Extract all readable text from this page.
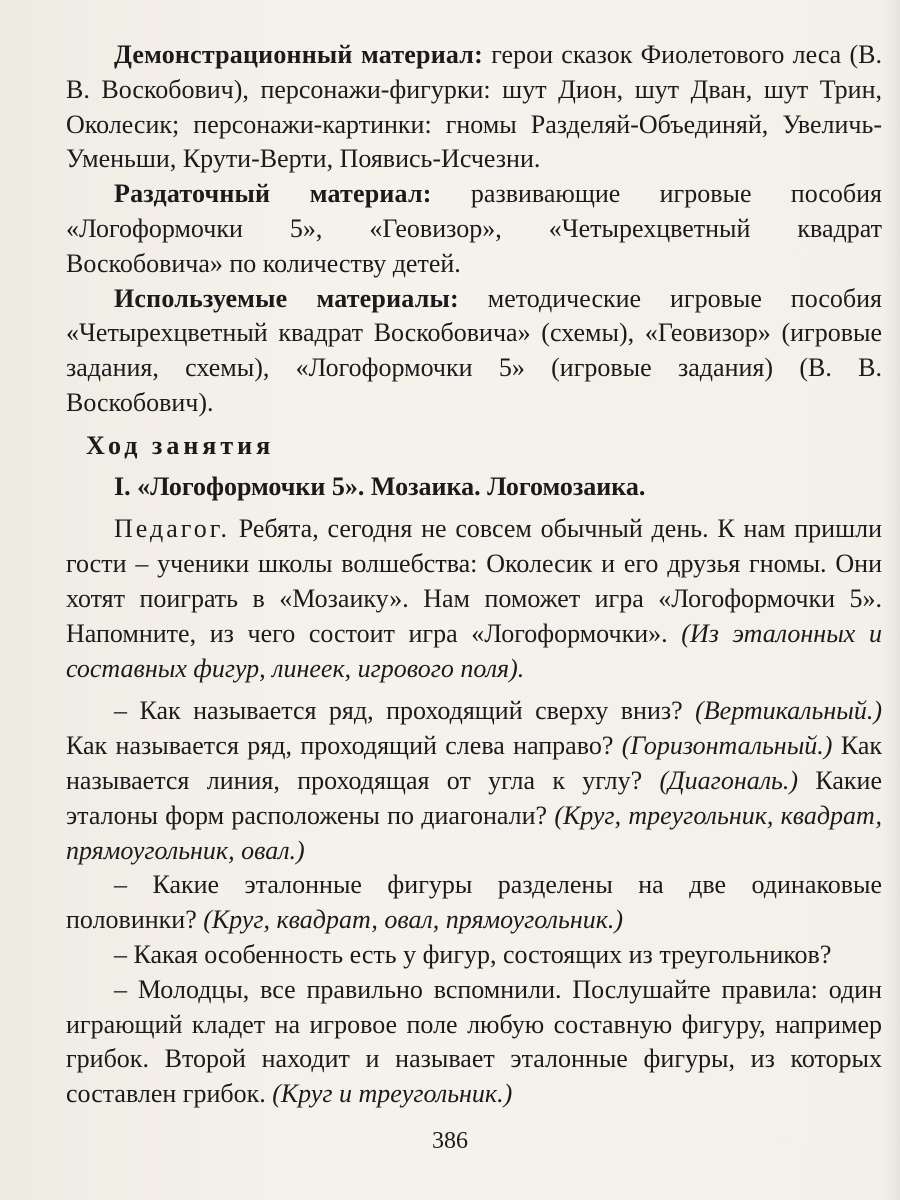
Демонстрационный материал: герои сказок Фиолетового леса (В. В. Воскобович), персонажи-фигурки: шут Дион, шут Дван, шут Трин, Околесик; персонажи-картинки: гномы Разделяй-Объединяй, Увеличь-Уменьши, Крути-Верти, Появись-Исчезни.

Раздаточный материал: развивающие игровые пособия «Логоформочки 5», «Геовизор», «Четырехцветный квадрат Воскобовича» по количеству детей.

Используемые материалы: методические игровые пособия «Четырехцветный квадрат Воскобовича» (схемы), «Геовизор» (игровые задания, схемы), «Логоформочки 5» (игровые задания) (В. В. Воскобович).

Ход занятия

I. «Логоформочки 5». Мозаика. Логомозаика.

Педагог. Ребята, сегодня не совсем обычный день. К нам пришли гости – ученики школы волшебства: Околесик и его друзья гномы. Они хотят поиграть в «Мозаику». Нам поможет игра «Логоформочки 5». Напомните, из чего состоит игра «Логоформочки». (Из эталонных и составных фигур, линеек, игрового поля).

– Как называется ряд, проходящий сверху вниз? (Вертикальный.) Как называется ряд, проходящий слева направо? (Горизонтальный.) Как называется линия, проходящая от угла к углу? (Диагональ.) Какие эталоны форм расположены по диагонали? (Круг, треугольник, квадрат, прямоугольник, овал.)

– Какие эталонные фигуры разделены на две одинаковые половинки? (Круг, квадрат, овал, прямоугольник.)

– Какая особенность есть у фигур, состоящих из треугольников?

– Молодцы, все правильно вспомнили. Послушайте правила: один играющий кладет на игровое поле любую составную фигуру, например грибок. Второй находит и называет эталонные фигуры, из которых составлен грибок. (Круг и треугольник.)

386
